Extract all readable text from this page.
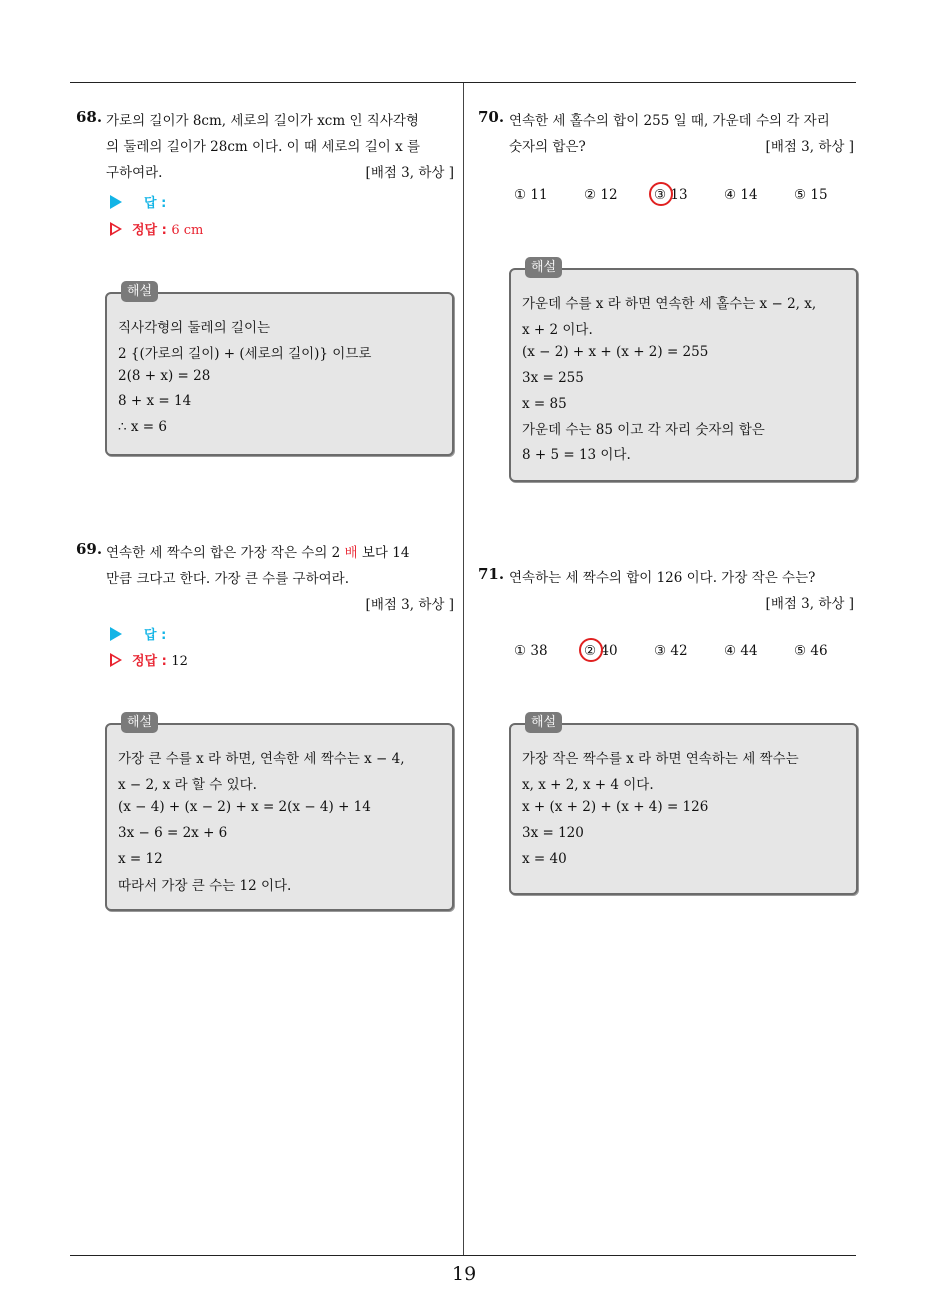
19
68. 가로의 길이가 8cm, 세로의 길이가 xcm 인 직사각형
의 둘레의 길이가 28cm 이다. 이 때 세로의 길이 x 를
구하여라.	[배점 3, 하상 ]
답 :
정답 : 6 cm
해설
직사각형의 둘레의 길이는
2 {(가로의 길이) + (세로의 길이)} 이므로
2(8 + x) = 28
8 + x = 14
∴ x = 6
69. 연속한 세 짝수의 합은 가장 작은 수의 2 배 보다 14
만큼 크다고 한다. 가장 큰 수를 구하여라.
[배점 3, 하상 ]
답 :
정답 : 12
해설
가장 큰 수를 x 라 하면, 연속한 세 짝수는 x − 4,
x − 2, x 라 할 수 있다.
(x − 4) + (x − 2) + x = 2(x − 4) + 14
3x − 6 = 2x + 6
x = 12
따라서 가장 큰 수는 12 이다.
70. 연속한 세 홀수의 합이 255 일 때, 가운데 수의 각 자리
숫자의 합은?	[배점 3, 하상 ]
① 11	② 12	③ 13	④ 14	⑤ 15
해설
가운데 수를 x 라 하면 연속한 세 홀수는 x − 2, x,
x + 2 이다.
(x − 2) + x + (x + 2) = 255
3x = 255
x = 85
가운데 수는 85 이고 각 자리 숫자의 합은
8 + 5 = 13 이다.
71. 연속하는 세 짝수의 합이 126 이다. 가장 작은 수는?
[배점 3, 하상 ]
① 38	② 40	③ 42	④ 44	⑤ 46
해설
가장 작은 짝수를 x 라 하면 연속하는 세 짝수는
x, x + 2, x + 4 이다.
x + (x + 2) + (x + 4) = 126
3x = 120
x = 40
